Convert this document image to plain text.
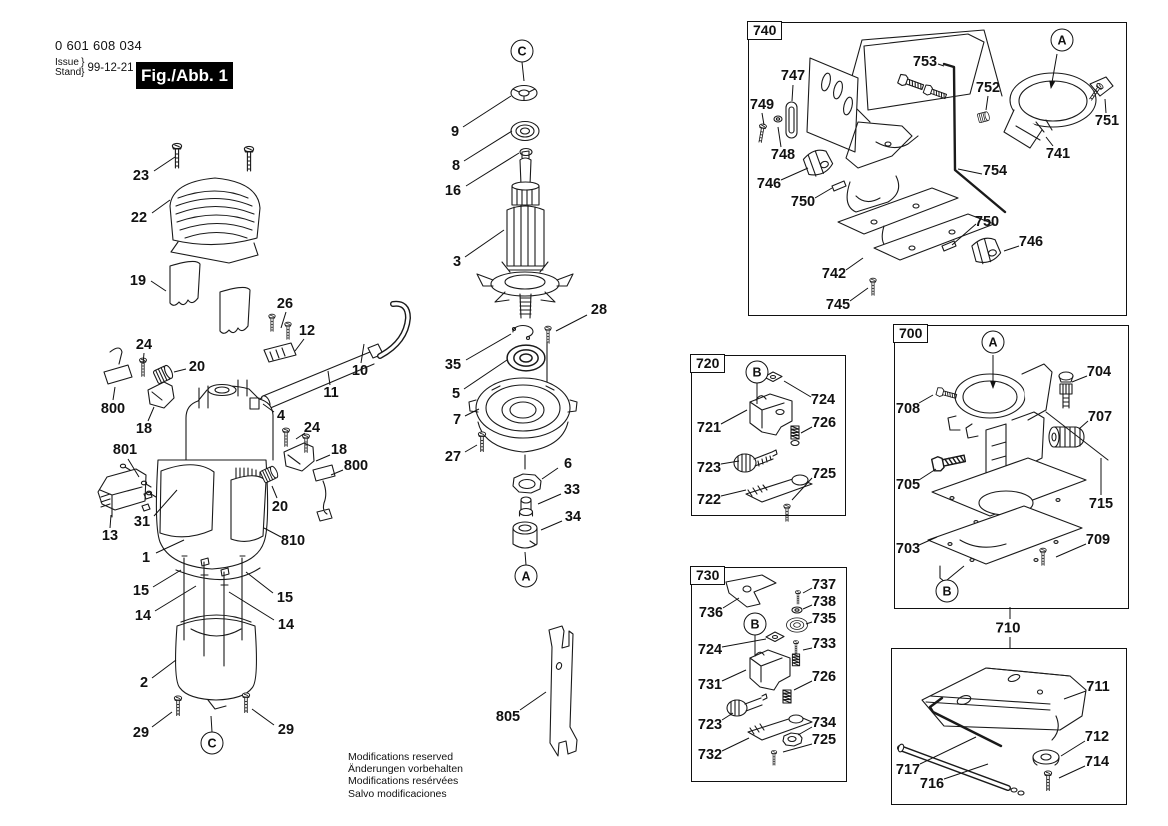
0 601 608 034
Issue
Stand
}
} 99-12-21 Fig./Abb. 1
Modifications reserved
Änderungen vorbehalten
Modifications resérvées
Salvo modificaciones
740
720
700
730
710
23
22
19
26
12
10
11
24
20
800
18
4
24
18
800
801
20
13
31
810
1
15
14
15
14
2
29	29
9
8
16
3
28
35
5
7
27	6
33
34
805
747
753
749
748
752
751
741
746
750
754
750
746
742
745
708
704
707
705
715
703
709
711
712
714
717
716
724
721	726
723	725
722
736
737
738
735
724	733
731	726
723	734
725
732
C
A
C
A
A
B
B
B
